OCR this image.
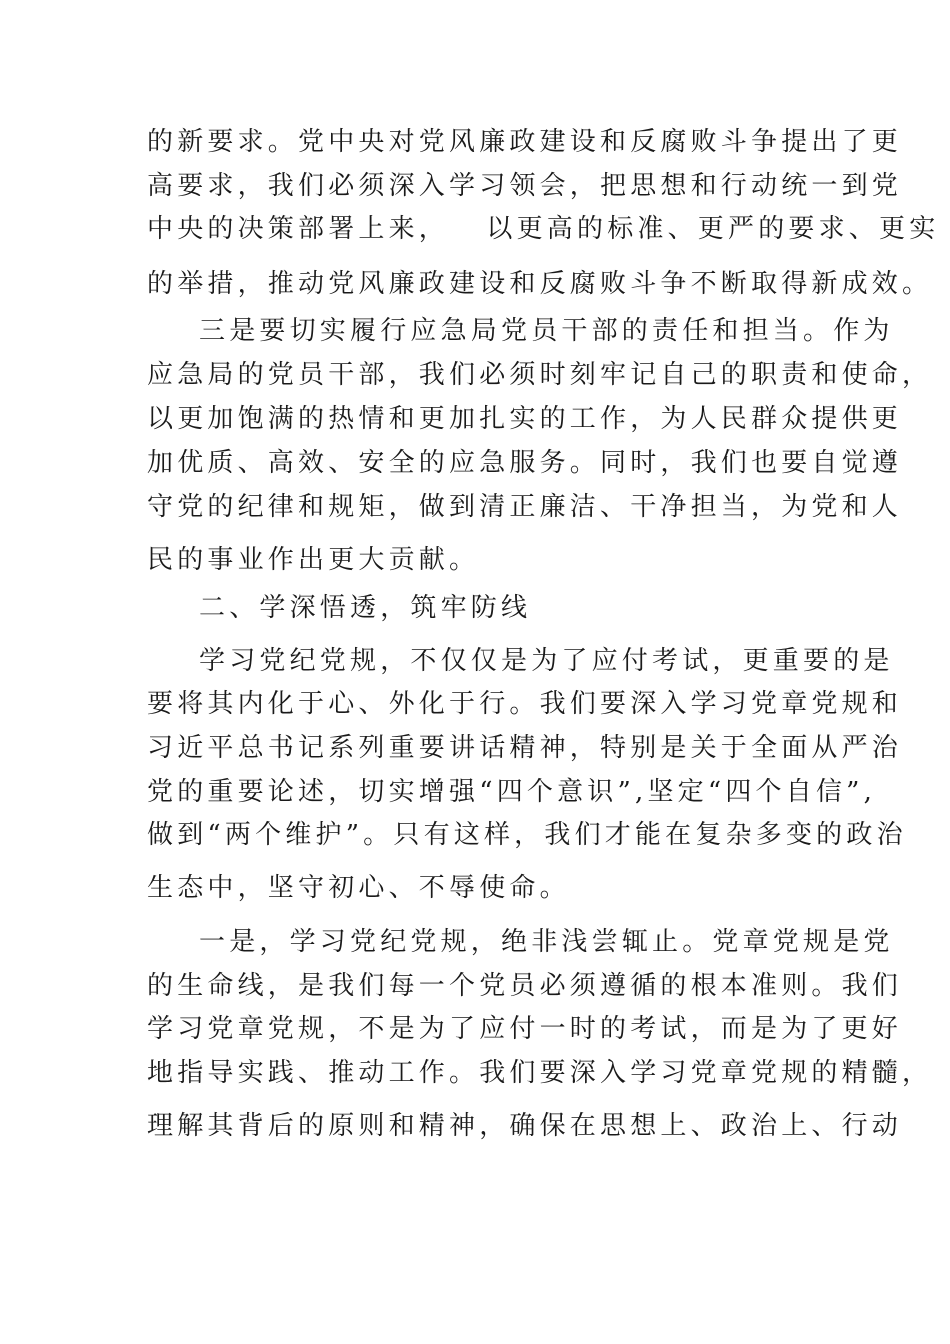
的新要求。党中央对党风廉政建设和反腐败斗争提出了更
高要求，我们必须深入学习领会，把思想和行动统一到党
中央的决策部署上来，   以更高的标准、更严的要求、更实
的举措，推动党风廉政建设和反腐败斗争不断取得新成效。
三是要切实履行应急局党员干部的责任和担当。作为
应急局的党员干部，我们必须时刻牢记自己的职责和使命，
以更加饱满的热情和更加扎实的工作，为人民群众提供更
加优质、高效、安全的应急服务。同时，我们也要自觉遵
守党的纪律和规矩，做到清正廉洁、干净担当，为党和人
民的事业作出更大贡献。
二、学深悟透，筑牢防线
学习党纪党规，不仅仅是为了应付考试，更重要的是
要将其内化于心、外化于行。我们要深入学习党章党规和
习近平总书记系列重要讲话精神，特别是关于全面从严治
党的重要论述，切实增强“四个意识”,坚定“四个自信”,
做到“两个维护”。只有这样，我们才能在复杂多变的政治
生态中，坚守初心、不辱使命。
一是，学习党纪党规，绝非浅尝辄止。党章党规是党
的生命线，是我们每一个党员必须遵循的根本准则。我们
学习党章党规，不是为了应付一时的考试，而是为了更好
地指导实践、推动工作。我们要深入学习党章党规的精髓，
理解其背后的原则和精神，确保在思想上、政治上、行动
